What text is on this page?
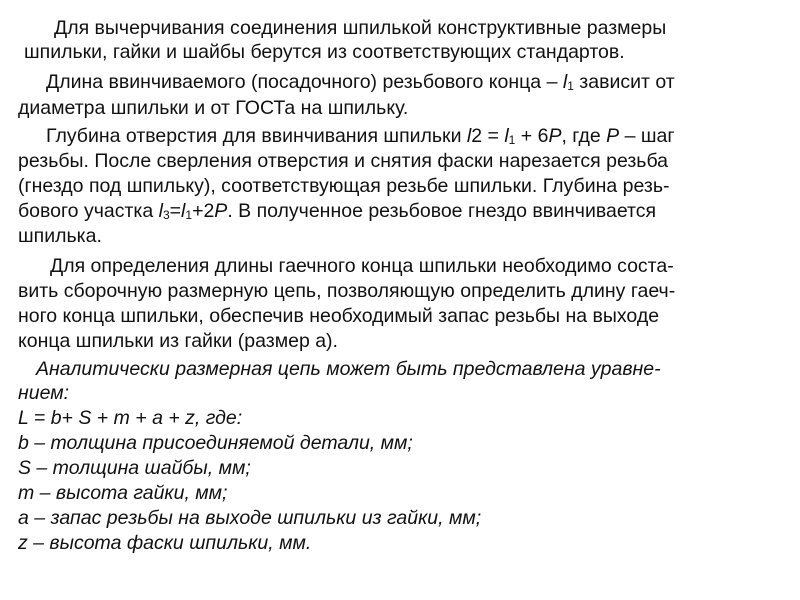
Для вычерчивания соединения шпилькой конструктивные размеры
шпильки, гайки и шайбы берутся из соответствующих стандартов.
Длина ввинчиваемого (посадочного) резьбового конца – $l_1$ зависит от
диаметра шпильки и от ГОСТа на шпильку.
Глубина отверстия для ввинчивания шпильки $l2 = l_1 + 6P$, где P – шаг
резьбы. После сверления отверстия и снятия фаски нарезается резьба
(гнездо под шпильку), соответствующая резьбе шпильки. Глубина резь-
бового участка $l_3=l_1+2P$. В полученное резьбовое гнездо ввинчивается
шпилька.
Для определения длины гаечного конца шпильки необходимо соста-
вить сборочную размерную цепь, позволяющую определить длину гаеч-
ного конца шпильки, обеспечив необходимый запас резьбы на выходе
конца шпильки из гайки (размер а).
Аналитически размерная цепь может быть представлена уравне-
нием:
L = b+ S + m + a + z, где:
b – толщина присоединяемой детали, мм;
S – толщина шайбы, мм;
m – высота гайки, мм;
a – запас резьбы на выходе шпильки из гайки, мм;
z – высота фаски шпильки, мм.
